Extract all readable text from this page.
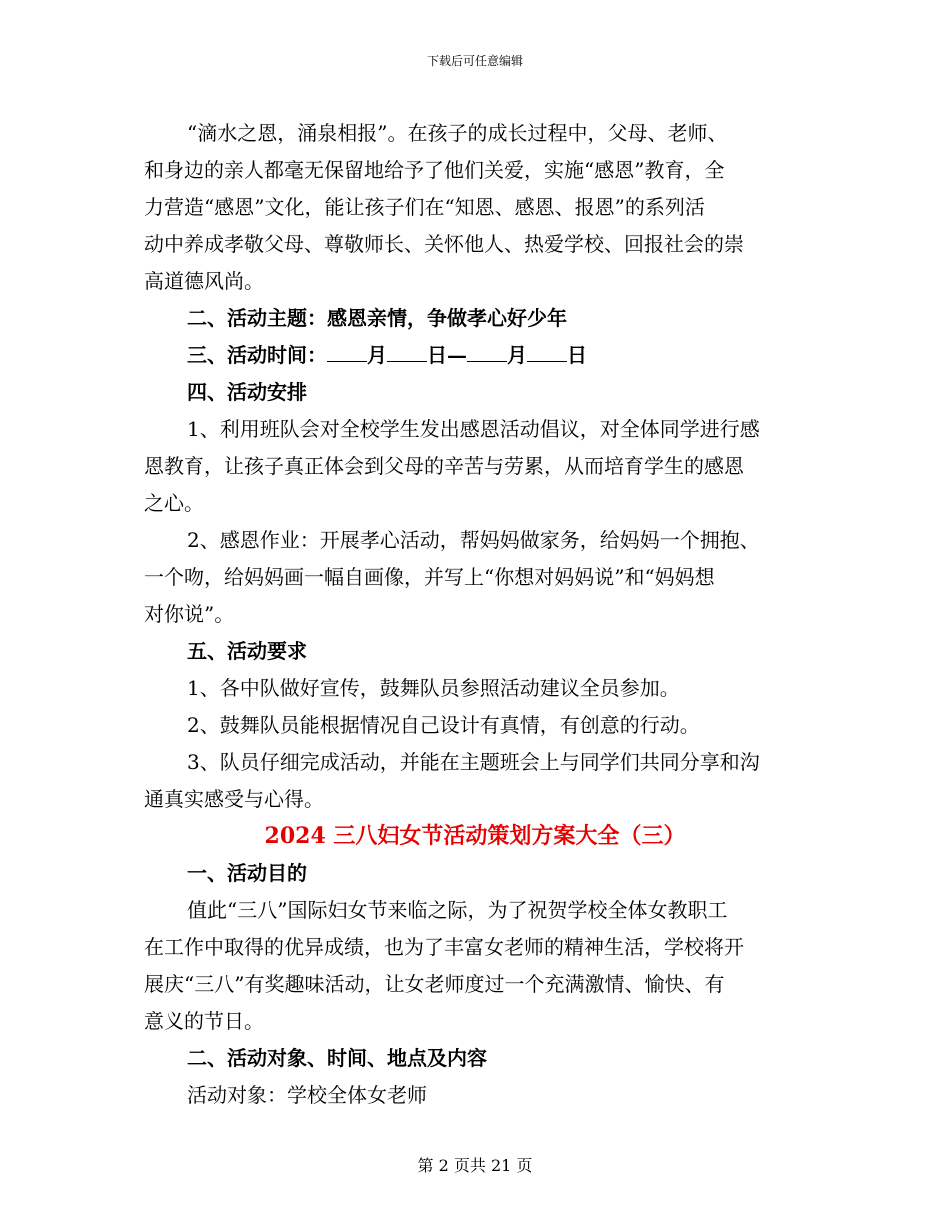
下载后可任意编辑

“滴水之恩，涌泉相报”。在孩子的成长过程中，父母、老师、

和身边的亲人都毫无保留地给予了他们关爱，实施“感恩”教育，全

力营造“感恩”文化，能让孩子们在“知恩、感恩、报恩”的系列活

动中养成孝敬父母、尊敬师长、关怀他人、热爱学校、回报社会的崇

高道德风尚。

二、活动主题：感恩亲情，争做孝心好少年

三、活动时间： 月 日— 月 日

四、活动安排

1、利用班队会对全校学生发出感恩活动倡议，对全体同学进行感

恩教育，让孩子真正体会到父母的辛苦与劳累，从而培育学生的感恩

之心。

2、感恩作业：开展孝心活动，帮妈妈做家务，给妈妈一个拥抱、

一个吻，给妈妈画一幅自画像，并写上“你想对妈妈说”和“妈妈想

对你说”。

五、活动要求

1、各中队做好宣传，鼓舞队员参照活动建议全员参加。

2、鼓舞队员能根据情况自己设计有真情，有创意的行动。

3、队员仔细完成活动，并能在主题班会上与同学们共同分享和沟

通真实感受与心得。

2024 三八妇女节活动策划方案大全（三）

一、活动目的

值此“三八”国际妇女节来临之际，为了祝贺学校全体女教职工

在工作中取得的优异成绩，也为了丰富女老师的精神生活，学校将开

展庆“三八”有奖趣味活动，让女老师度过一个充满激情、愉快、有

意义的节日。

二、活动对象、时间、地点及内容

活动对象：学校全体女老师

第 2 页共 21 页
